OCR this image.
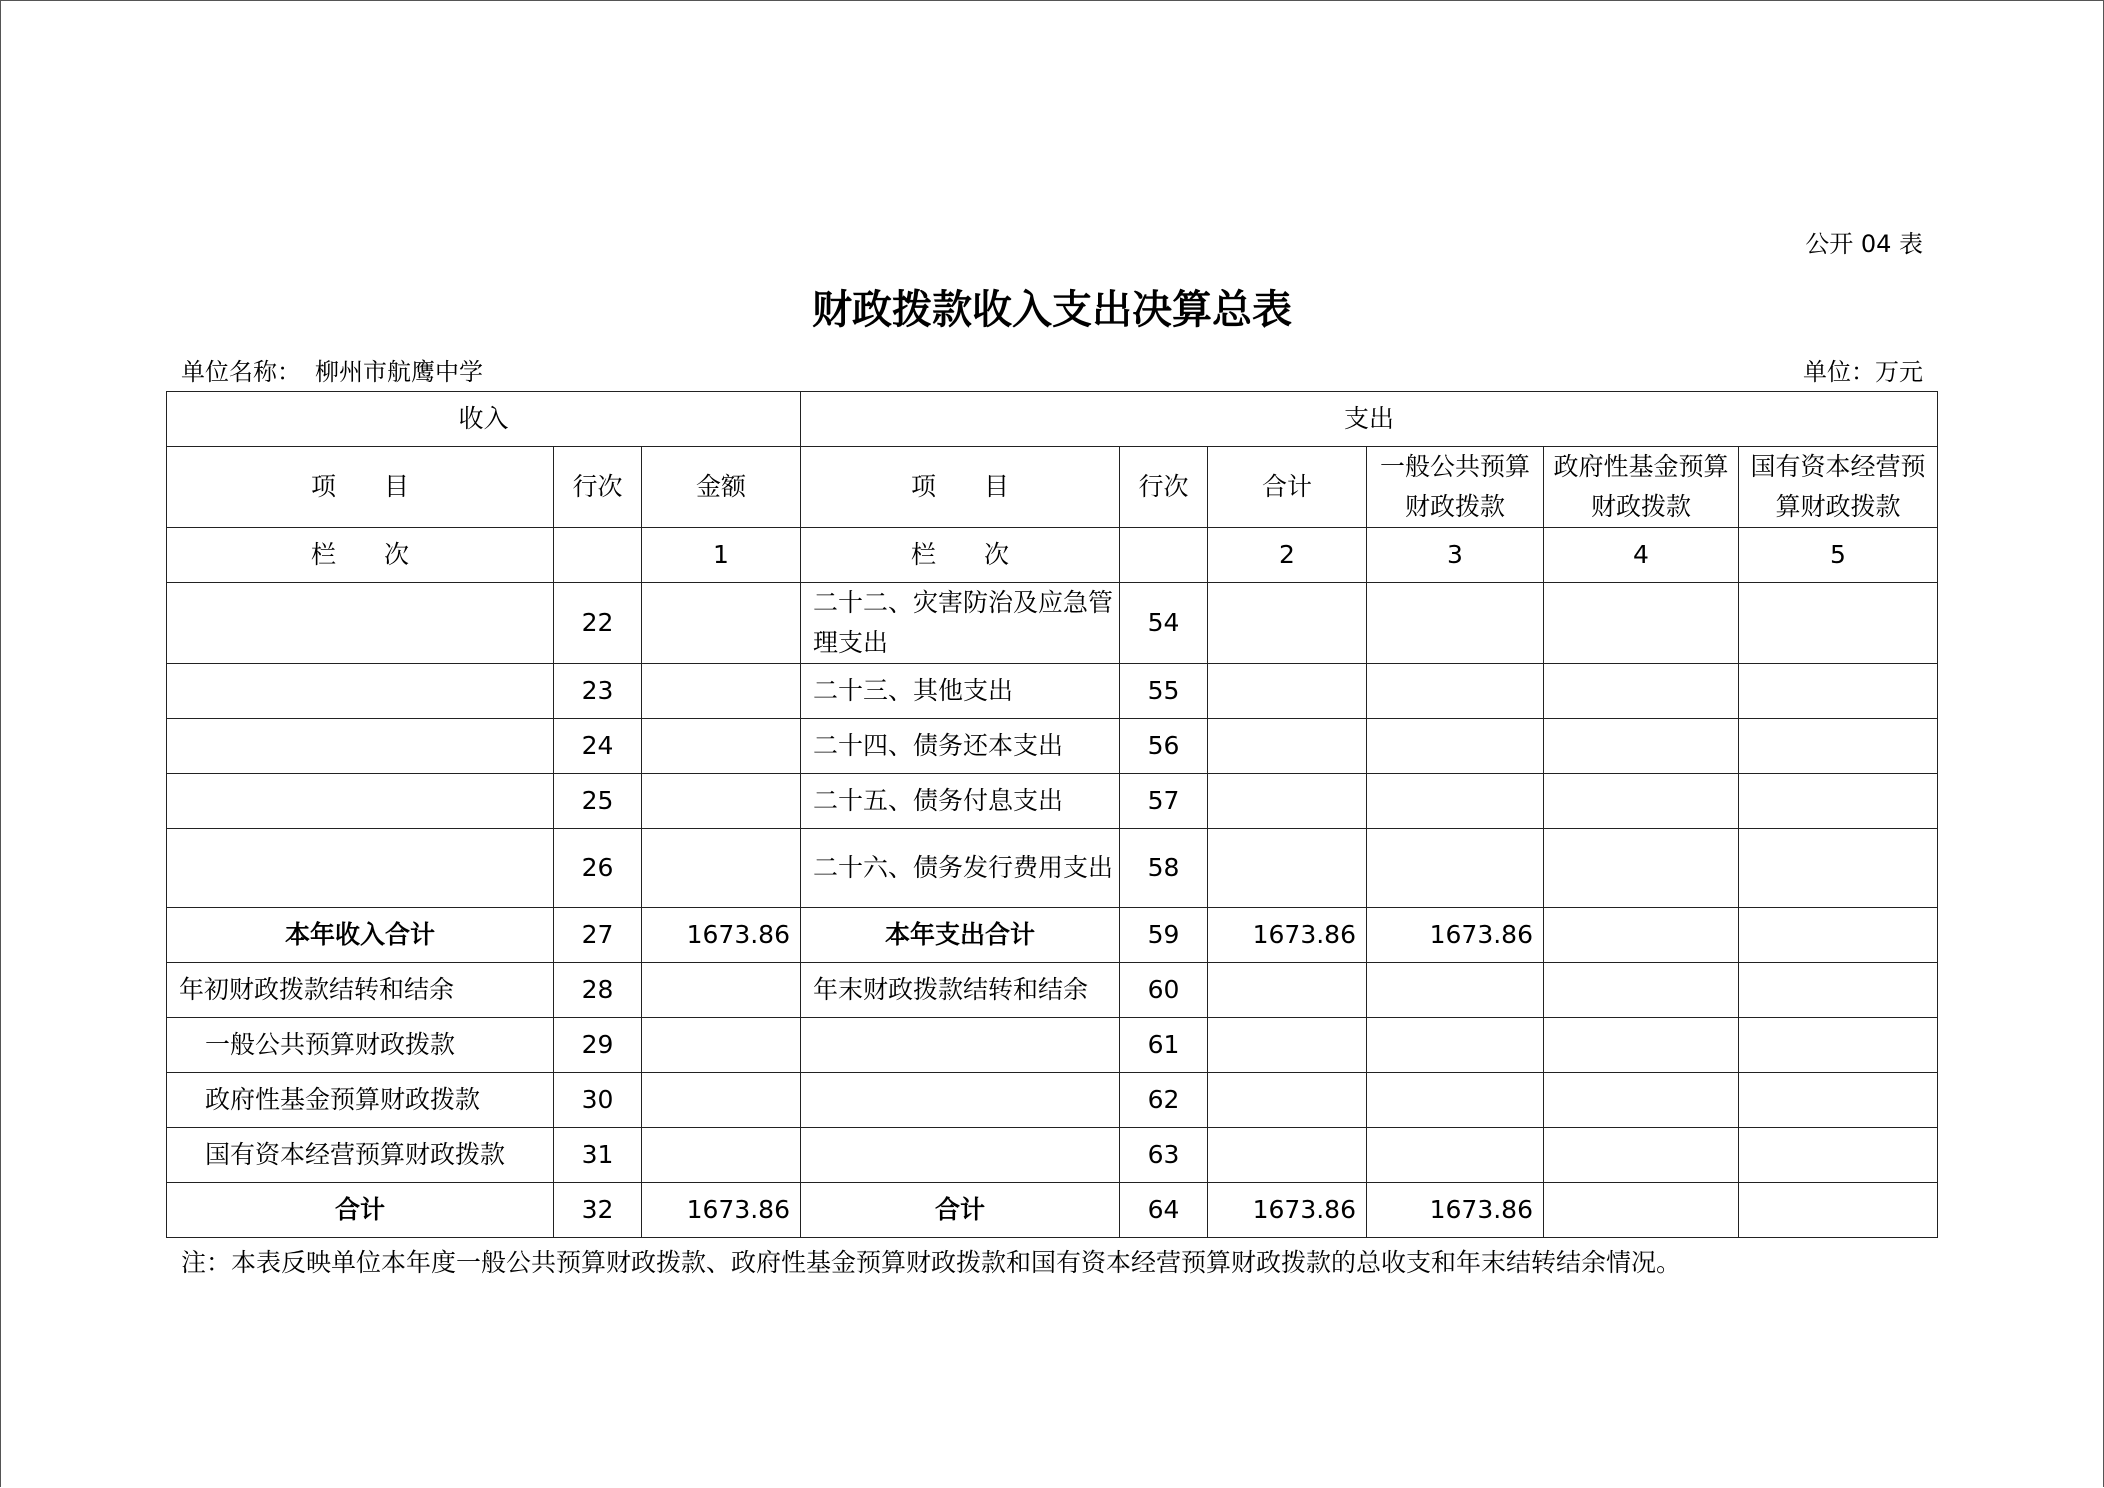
公开 04 表
财政拨款收入支出决算总表
单位名称： 柳州市航鹰中学	单位：万元
收入			支出					
项目	行次	金额	项目	行次	合计	一般公共预算财政拨款	政府性基金预算财政拨款	国有资本经营预算财政拨款
栏次		1	栏次		2	3	4	5
	22		二十二、灾害防治及应急管理支出	54				
	23		二十三、其他支出	55				
	24		二十四、债务还本支出	56				
	25		二十五、债务付息支出	57				
	26		二十六、债务发行费用支出	58				
本年收入合计	27	1673.86	本年支出合计	59	1673.86	1673.86		
年初财政拨款结转和结余	28		年末财政拨款结转和结余	60				
一般公共预算财政拨款	29			61				
政府性基金预算财政拨款	30			62				
国有资本经营预算财政拨款	31			63				
合计	32	1673.86	合计	64	1673.86	1673.86		
注：本表反映单位本年度一般公共预算财政拨款、政府性基金预算财政拨款和国有资本经营预算财政拨款的总收支和年末结转结余情况。
